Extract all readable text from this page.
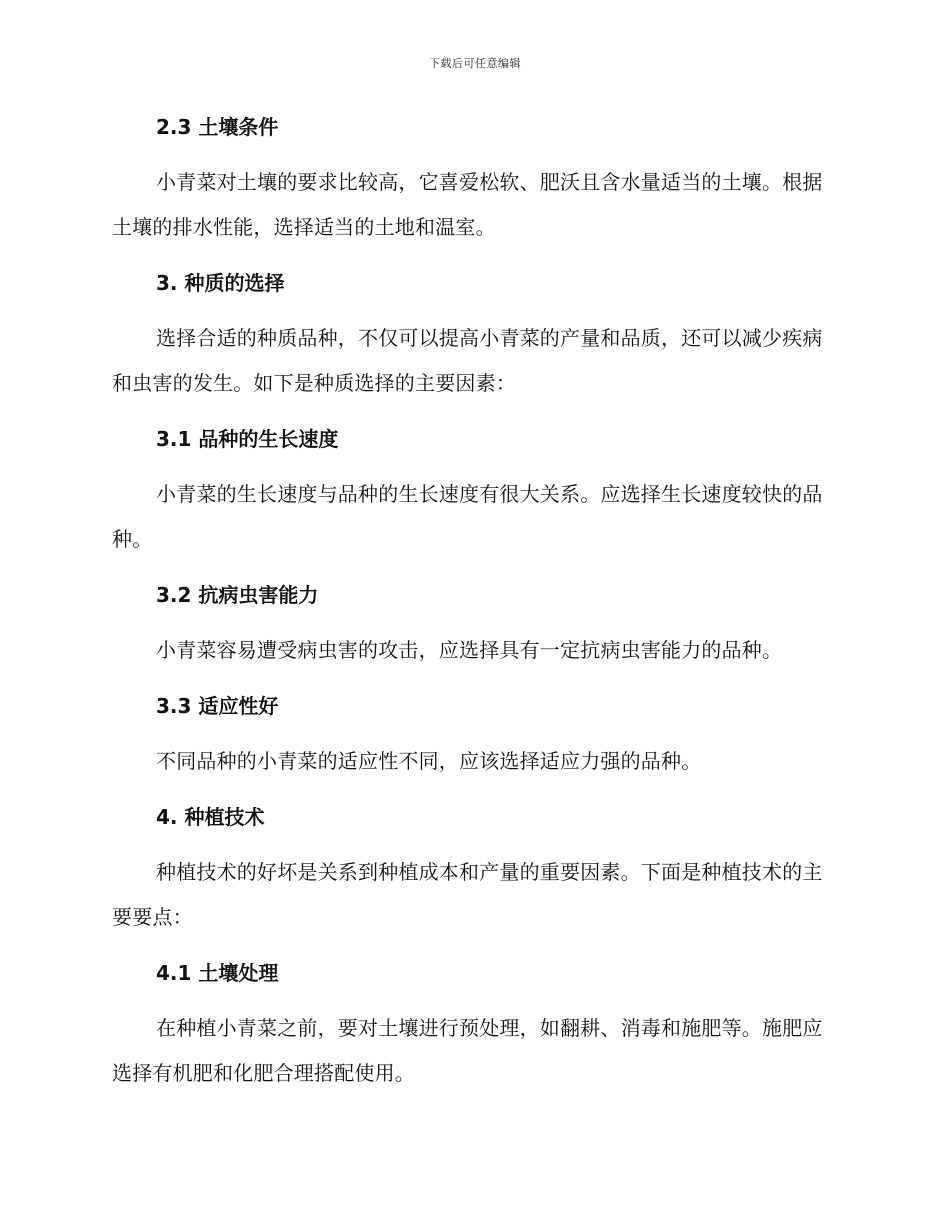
下载后可任意编辑
2.3 土壤条件

小青菜对土壤的要求比较高，它喜爱松软、肥沃且含水量适当的土壤。根据土壤的排水性能，选择适当的土地和温室。

3. 种质的选择

选择合适的种质品种，不仅可以提高小青菜的产量和品质，还可以减少疾病和虫害的发生。如下是种质选择的主要因素：

3.1 品种的生长速度

小青菜的生长速度与品种的生长速度有很大关系。应选择生长速度较快的品种。

3.2 抗病虫害能力

小青菜容易遭受病虫害的攻击，应选择具有一定抗病虫害能力的品种。

3.3 适应性好

不同品种的小青菜的适应性不同，应该选择适应力强的品种。

4. 种植技术

种植技术的好坏是关系到种植成本和产量的重要因素。下面是种植技术的主要要点：

4.1 土壤处理

在种植小青菜之前，要对土壤进行预处理，如翻耕、消毒和施肥等。施肥应选择有机肥和化肥合理搭配使用。
